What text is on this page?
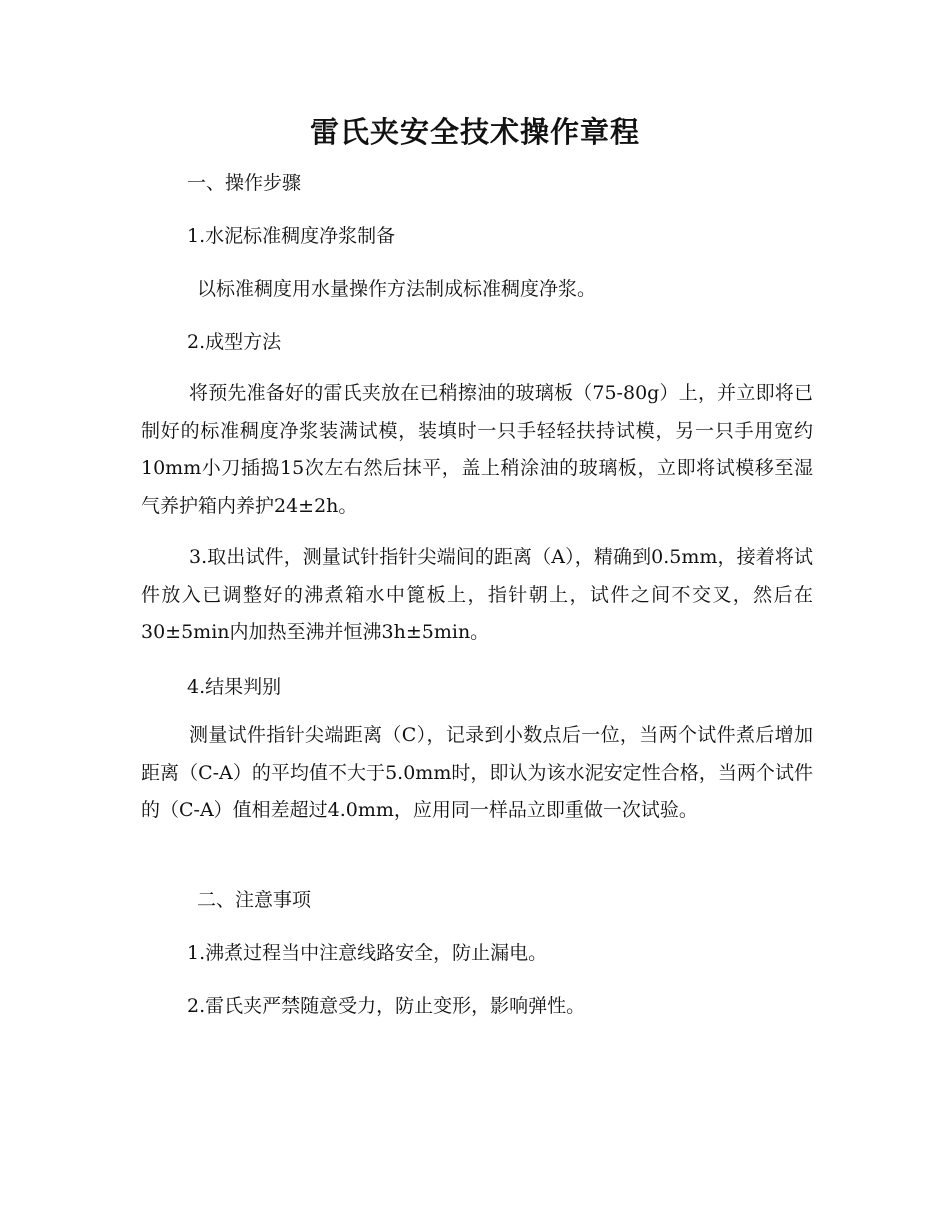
雷氏夹安全技术操作章程

一、操作步骤

1.水泥标准稠度净浆制备

以标准稠度用水量操作方法制成标准稠度净浆。

2.成型方法

将预先准备好的雷氏夹放在已稍擦油的玻璃板（75-80g）上，并立即将已制好的标准稠度净浆装满试模，装填时一只手轻轻扶持试模，另一只手用宽约10mm小刀插捣15次左右然后抹平，盖上稍涂油的玻璃板，立即将试模移至湿气养护箱内养护24±2h。

3.取出试件，测量试针指针尖端间的距离（A），精确到0.5mm，接着将试件放入已调整好的沸煮箱水中篦板上，指针朝上，试件之间不交叉，然后在30±5min内加热至沸并恒沸3h±5min。

4.结果判别

测量试件指针尖端距离（C），记录到小数点后一位，当两个试件煮后增加距离（C-A）的平均值不大于5.0mm时，即认为该水泥安定性合格，当两个试件的（C-A）值相差超过4.0mm，应用同一样品立即重做一次试验。

二、注意事项

1.沸煮过程当中注意线路安全，防止漏电。

2.雷氏夹严禁随意受力，防止变形，影响弹性。
